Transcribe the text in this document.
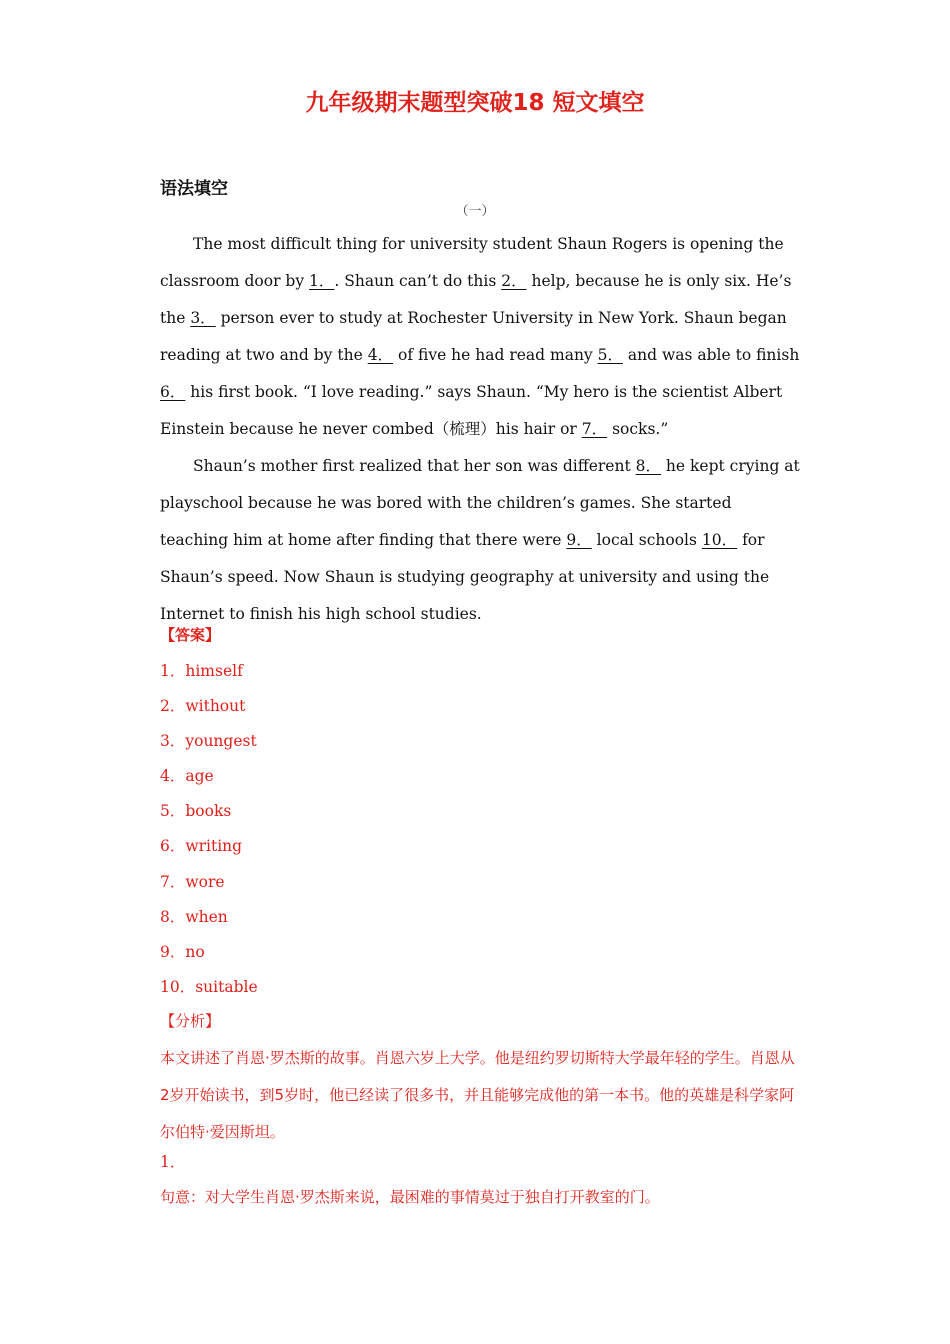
九年级期末题型突破18 短文填空
语法填空
（一）
The most difficult thing for university student Shaun Rogers is opening the classroom door by 1．. Shaun can’t do this 2． help, because he is only six. He’s the 3． person ever to study at Rochester University in New York. Shaun began reading at two and by the 4． of five he had read many 5． and was able to finish 6． his first book. “I love reading.” says Shaun. “My hero is the scientist Albert Einstein because he never combed（梳理）his hair or 7． socks.”
Shaun’s mother first realized that her son was different 8． he kept crying at playschool because he was bored with the children’s games. She started teaching him at home after finding that there were 9． local schools 10． for Shaun’s speed. Now Shaun is studying geography at university and using the Internet to finish his high school studies.
【答案】
1．himself
2．without
3．youngest
4．age
5．books
6．writing
7．wore
8．when
9．no
10．suitable
【分析】
本文讲述了肖恩·罗杰斯的故事。肖恩六岁上大学。他是纽约罗切斯特大学最年轻的学生。肖恩从2岁开始读书，到5岁时，他已经读了很多书，并且能够完成他的第一本书。他的英雄是科学家阿尔伯特·爱因斯坦。
1．
句意：对大学生肖恩·罗杰斯来说，最困难的事情莫过于独自打开教室的门。
